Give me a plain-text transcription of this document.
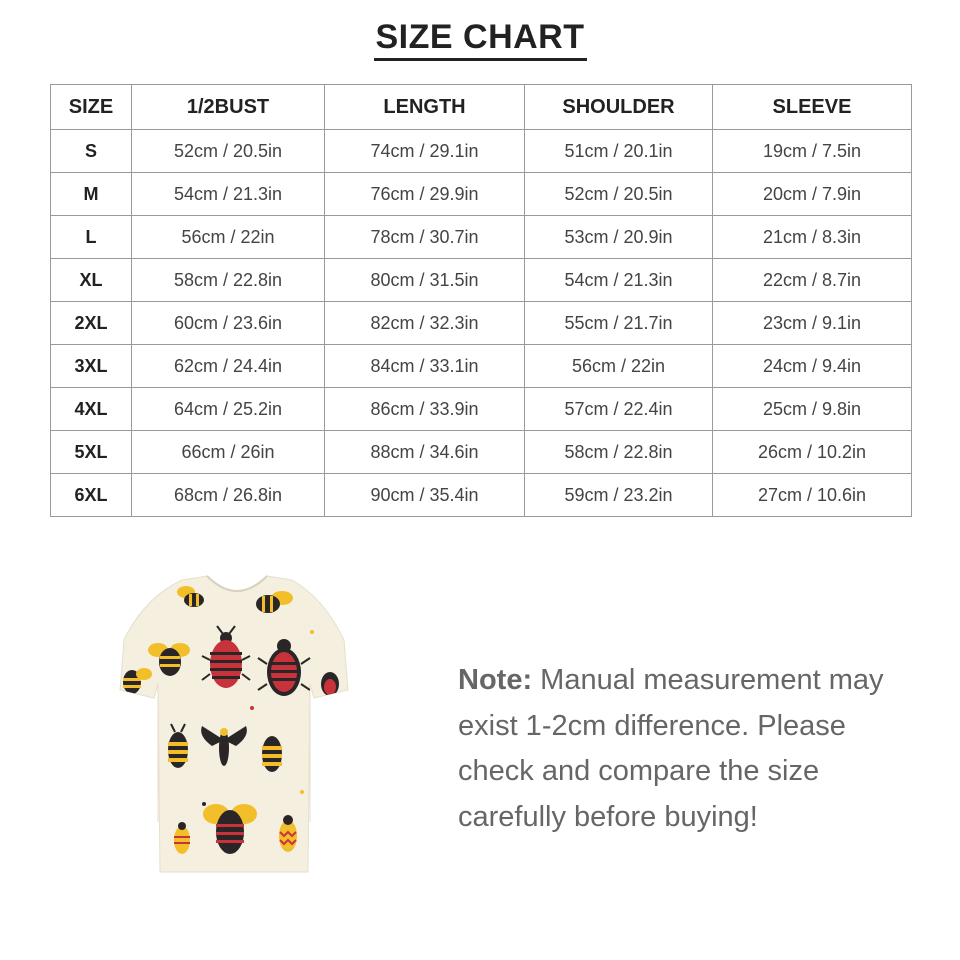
SIZE CHART
SIZE	1/2BUST	LENGTH	SHOULDER	SLEEVE
S	52cm / 20.5in	74cm / 29.1in	51cm / 20.1in	19cm / 7.5in
M	54cm / 21.3in	76cm / 29.9in	52cm / 20.5in	20cm / 7.9in
L	56cm / 22in	78cm / 30.7in	53cm / 20.9in	21cm / 8.3in
XL	58cm / 22.8in	80cm / 31.5in	54cm / 21.3in	22cm / 8.7in
2XL	60cm / 23.6in	82cm / 32.3in	55cm / 21.7in	23cm / 9.1in
3XL	62cm / 24.4in	84cm / 33.1in	56cm / 22in	24cm / 9.4in
4XL	64cm / 25.2in	86cm / 33.9in	57cm / 22.4in	25cm / 9.8in
5XL	66cm / 26in	88cm / 34.6in	58cm / 22.8in	26cm / 10.2in
6XL	68cm / 26.8in	90cm / 35.4in	59cm / 23.2in	27cm / 10.6in
Note: Manual measurement may
exist 1-2cm difference. Please
check and compare the size
carefully before buying!
